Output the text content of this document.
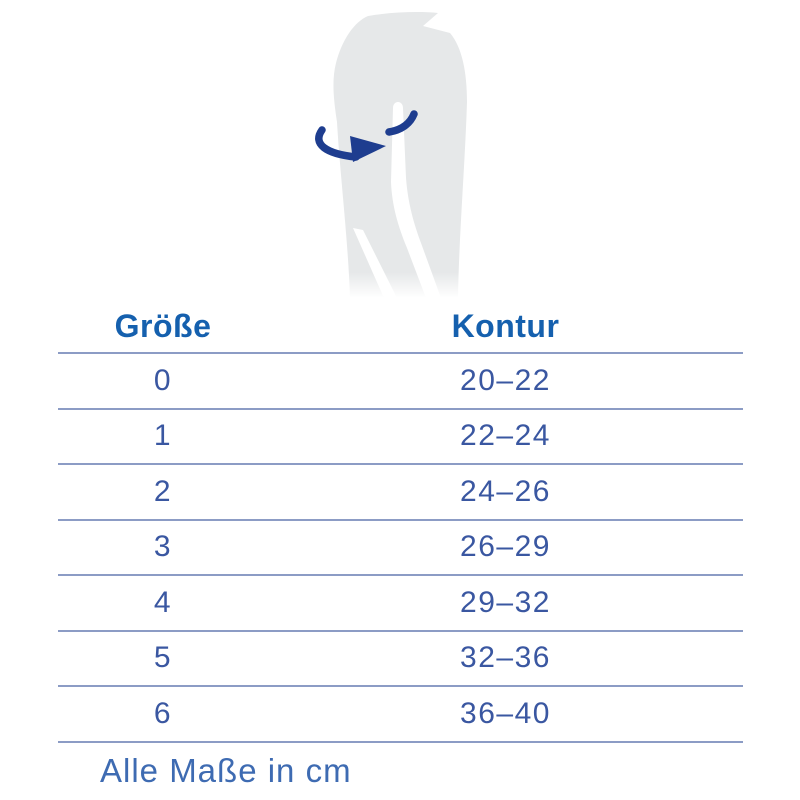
Größe	Kontur
0	20–22
1	22–24
2	24–26
3	26–29
4	29–32
5	32–36
6	36–40
Alle Maße in cm
